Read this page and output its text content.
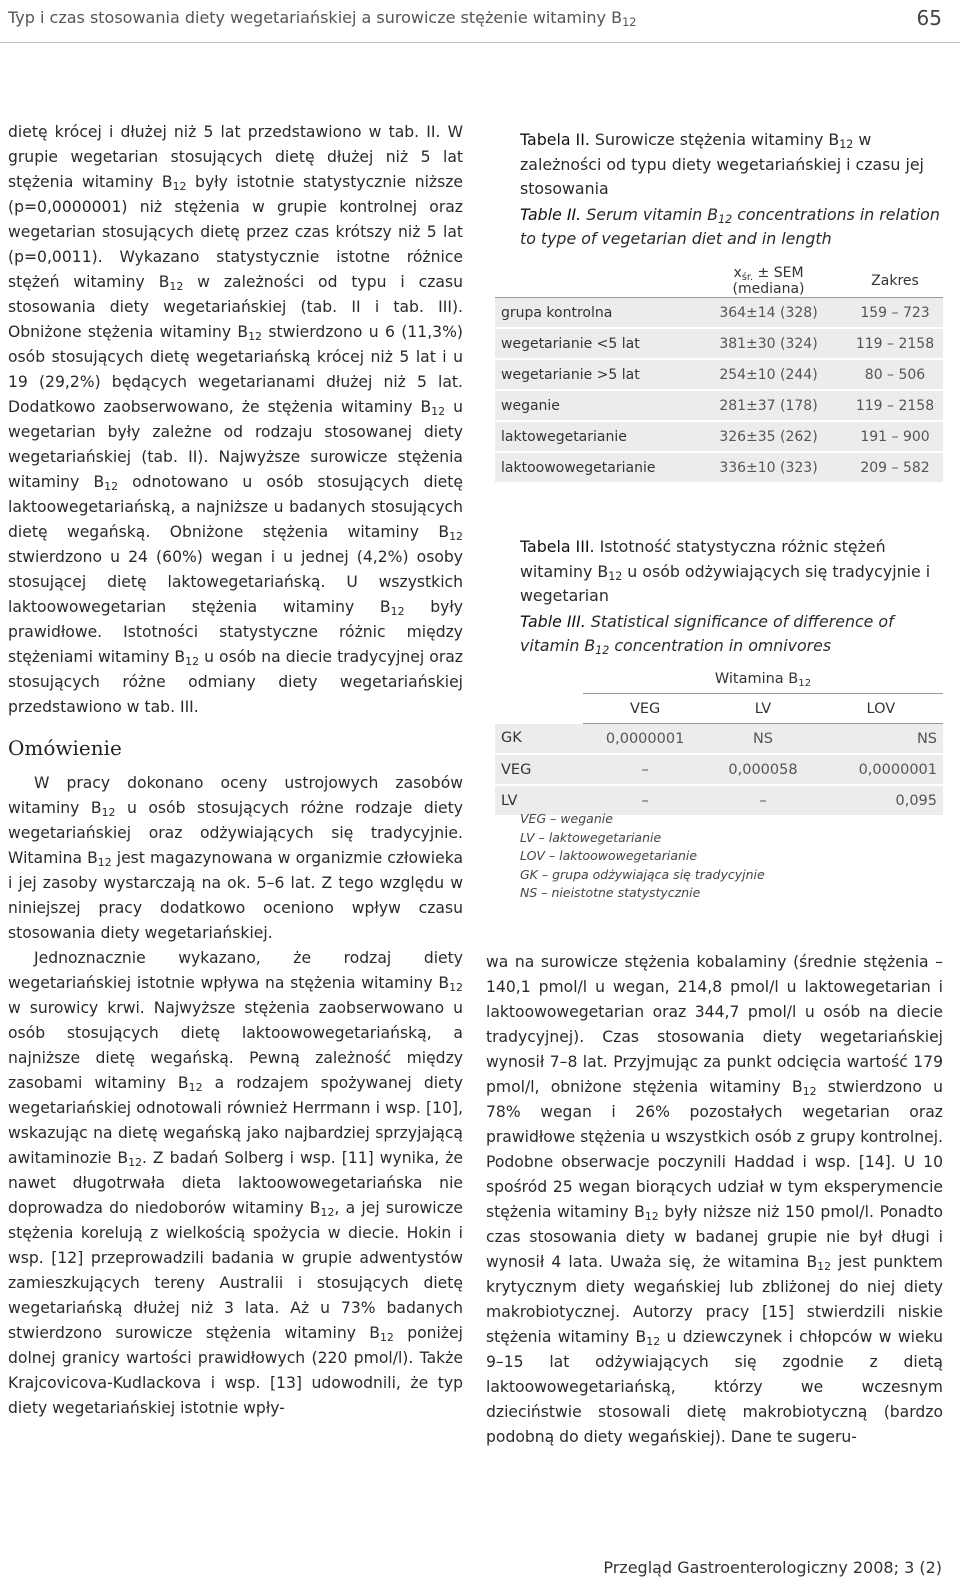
Typ i czas stosowania diety wegetariańskiej a surowicze stężenie witaminy $B_{12}$	65

dietę krócej i dłużej niż 5 lat przedstawiono w tab. II. W grupie wegetarian stosujących dietę dłużej niż 5 lat stężenia witaminy $B_{12}$ były istotnie statystycznie niższe (p=0,0000001) niż stężenia w grupie kontrolnej oraz wegetarian stosujących dietę przez czas krótszy niż 5 lat (p=0,0011). Wykazano statystycznie istotne różnice stężeń witaminy $B_{12}$ w zależności od typu i czasu stosowania diety wegetariańskiej (tab. II i tab. III). Obniżone stężenia witaminy $B_{12}$ stwierdzono u 6 (11,3%) osób stosujących dietę wegetariańską krócej niż 5 lat i u 19 (29,2%) będących wegetarianami dłużej niż 5 lat. Dodatkowo zaobserwowano, że stężenia witaminy $B_{12}$ u wegetarian były zależne od rodzaju stosowanej diety wegetariańskiej (tab. II). Najwyższe surowicze stężenia witaminy $B_{12}$ odnotowano u osób stosujących dietę laktoowegetariańską, a najniższe u badanych stosujących dietę wegańską. Obniżone stężenia witaminy $B_{12}$ stwierdzono u 24 (60%) wegan i u jednej (4,2%) osoby stosującej dietę laktowegetariańską. U wszystkich laktoowowegetarian stężenia witaminy $B_{12}$ były prawidłowe. Istotności statystyczne różnic między stężeniami witaminy $B_{12}$ u osób na diecie tradycyjnej oraz stosujących różne odmiany diety wegetariańskiej przedstawiono w tab. III.

Omówienie

W pracy dokonano oceny ustrojowych zasobów witaminy $B_{12}$ u osób stosujących różne rodzaje diety wegetariańskiej oraz odżywiających się tradycyjnie. Witamina $B_{12}$ jest magazynowana w organizmie człowieka i jej zasoby wystarczają na ok. 5–6 lat. Z tego względu w niniejszej pracy dodatkowo oceniono wpływ czasu stosowania diety wegetariańskiej.

Jednoznacznie wykazano, że rodzaj diety wegetariańskiej istotnie wpływa na stężenia witaminy $B_{12}$ w surowicy krwi. Najwyższe stężenia zaobserwowano u osób stosujących dietę laktoowowegetariańską, a najniższe dietę wegańską. Pewną zależność między zasobami witaminy $B_{12}$ a rodzajem spożywanej diety wegetariańskiej odnotowali również Herrmann i wsp. [10], wskazując na dietę wegańską jako najbardziej sprzyjającą awitaminozie $B_{12}$. Z badań Solberg i wsp. [11] wynika, że nawet długotrwała dieta laktoowowegetariańska nie doprowadza do niedoborów witaminy $B_{12}$, a jej surowicze stężenia korelują z wielkością spożycia w diecie. Hokin i wsp. [12] przeprowadzili badania w grupie adwentystów zamieszkujących tereny Australii i stosujących dietę wegetariańską dłużej niż 3 lata. Aż u 73% badanych stwierdzono surowicze stężenia witaminy $B_{12}$ poniżej dolnej granicy wartości prawidłowych (220 pmol/l). Także Krajcovicova-Kudlackova i wsp. [13] udowodnili, że typ diety wegetariańskiej istotnie wpły-

Tabela II. Surowicze stężenia witaminy $B_{12}$ w zależności od typu diety wegetariańskiej i czasu jej stosowania
Table II. Serum vitamin $B_{12}$ concentrations in relation to type of vegetarian diet and in length
	$x_{śr.}$ ± SEM (mediana)	Zakres
grupa kontrolna	364±14 (328)	159 – 723
wegetarianie <5 lat	381±30 (324)	119 – 2158
wegetarianie >5 lat	254±10 (244)	80 – 506
weganie	281±37 (178)	119 – 2158
laktowegetarianie	326±35 (262)	191 – 900
laktoowowegetarianie	336±10 (323)	209 – 582
Tabela III. Istotność statystyczna różnic stężeń witaminy $B_{12}$ u osób odżywiających się tradycyjnie i wegetarian
Table III. Statistical significance of difference of vitamin $B_{12}$ concentration in omnivores
	Witamina $B_{12}$
	VEG	LV	LOV
GK	0,0000001	NS	NS
VEG	–	0,000058	0,0000001
LV	–	–	0,095
VEG – weganie
LV – laktowegetarianie
LOV – laktoowowegetarianie
GK – grupa odżywiająca się tradycyjnie
NS – nieistotne statystycznie

wa na surowicze stężenia kobalaminy (średnie stężenia – 140,1 pmol/l u wegan, 214,8 pmol/l u laktowegetarian i laktoowowegetarian oraz 344,7 pmol/l u osób na diecie tradycyjnej). Czas stosowania diety wegetariańskiej wynosił 7–8 lat. Przyjmując za punkt odcięcia wartość 179 pmol/l, obniżone stężenia witaminy $B_{12}$ stwierdzono u 78% wegan i 26% pozostałych wegetarian oraz prawidłowe stężenia u wszystkich osób z grupy kontrolnej. Podobne obserwacje poczynili Haddad i wsp. [14]. U 10 spośród 25 wegan biorących udział w tym eksperymencie stężenia witaminy $B_{12}$ były niższe niż 150 pmol/l. Ponadto czas stosowania diety w badanej grupie nie był długi i wynosił 4 lata. Uważa się, że witamina $B_{12}$ jest punktem krytycznym diety wegańskiej lub zbliżonej do niej diety makrobiotycznej. Autorzy pracy [15] stwierdzili niskie stężenia witaminy $B_{12}$ u dziewczynek i chłopców w wieku 9–15 lat odżywiających się zgodnie z dietą laktoowowegetariańską, którzy we wczesnym dzieciństwie stosowali dietę makrobiotyczną (bardzo podobną do diety wegańskiej). Dane te sugeru-

Przegląd Gastroenterologiczny 2008; 3 (2)
